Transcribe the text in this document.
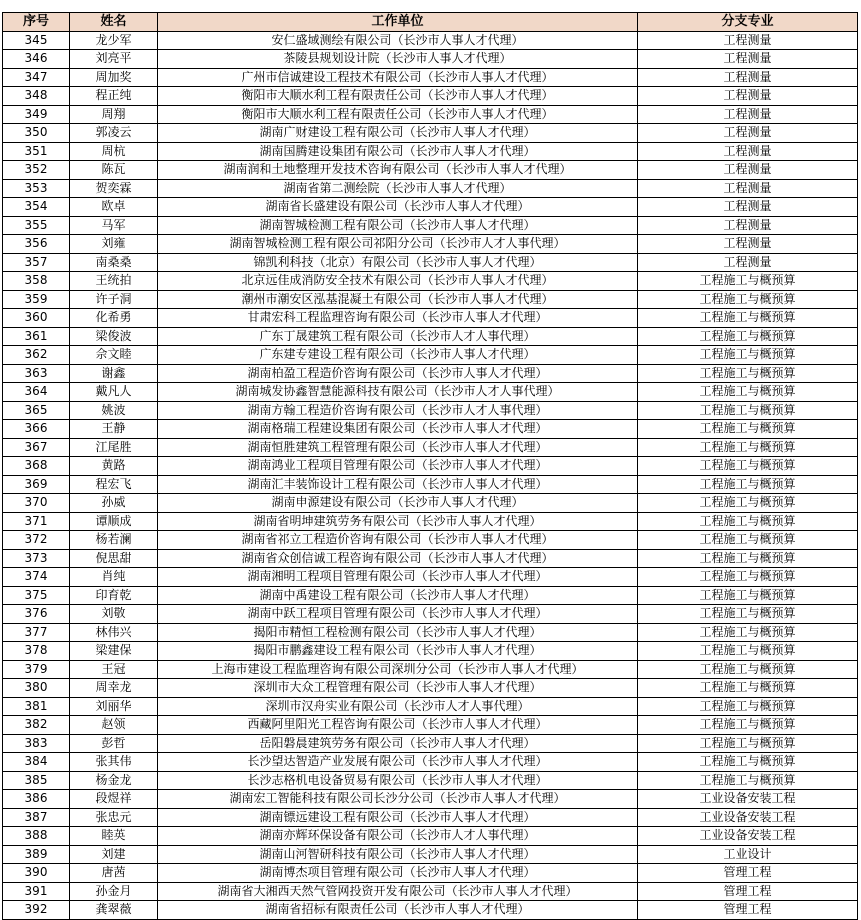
序号	姓名	工作单位	分支专业
345	龙少军	安仁盛域测绘有限公司（长沙市人事人才代理）	工程测量
346	刘亮平	茶陵县规划设计院（长沙市人事人才代理）	工程测量
347	周加奖	广州市信诚建设工程技术有限公司（长沙市人事人才代理）	工程测量
348	程正纯	衡阳市大顺水利工程有限责任公司（长沙市人事人才代理）	工程测量
349	周翔	衡阳市大顺水利工程有限责任公司（长沙市人事人才代理）	工程测量
350	郭凌云	湖南广财建设工程有限公司（长沙市人事人才代理）	工程测量
351	周杭	湖南国腾建设集团有限公司（长沙市人事人才代理）	工程测量
352	陈瓦	湖南润和土地整理开发技术咨询有限公司（长沙市人事人才代理）	工程测量
353	贺奕霖	湖南省第二测绘院（长沙市人事人才代理）	工程测量
354	欧卓	湖南省长盛建设有限公司（长沙市人事人才代理）	工程测量
355	马军	湖南智城检测工程有限公司（长沙市人事人才代理）	工程测量
356	刘雍	湖南智城检测工程有限公司祁阳分公司（长沙市人才人事代理）	工程测量
357	南桑桑	锦凯利科技（北京）有限公司（长沙市人事人才代理）	工程测量
358	王统拍	北京远佳成消防安全技术有限公司（长沙市人事人才代理）	工程施工与概预算
359	许子洞	潮州市潮安区泓基混凝土有限公司（长沙市人事人才代理）	工程施工与概预算
360	化希勇	甘肃宏科工程监理咨询有限公司（长沙市人事人才代理）	工程施工与概预算
361	梁俊波	广东丁晟建筑工程有限公司（长沙市人才人事代理）	工程施工与概预算
362	佘文睦	广东建专建设工程有限公司（长沙市人事人才代理）	工程施工与概预算
363	谢鑫	湖南柏盈工程造价咨询有限公司（长沙市人事人才代理）	工程施工与概预算
364	戴凡人	湖南城发协鑫智慧能源科技有限公司（长沙市人才人事代理）	工程施工与概预算
365	姚波	湖南方翰工程造价咨询有限公司（长沙市人才人事代理）	工程施工与概预算
366	王静	湖南格瑞工程建设集团有限公司（长沙市人事人才代理）	工程施工与概预算
367	江尾胜	湖南恒胜建筑工程管理有限公司（长沙市人事人才代理）	工程施工与概预算
368	黄路	湖南鸿业工程项目管理有限公司（长沙市人事人才代理）	工程施工与概预算
369	程宏飞	湖南汇丰装饰设计工程有限公司（长沙市人事人才代理）	工程施工与概预算
370	孙威	湖南申源建设有限公司（长沙市人事人才代理）	工程施工与概预算
371	谭顺成	湖南省明坤建筑劳务有限公司（长沙市人事人才代理）	工程施工与概预算
372	杨若澜	湖南省祁立工程造价咨询有限公司（长沙市人事人才代理）	工程施工与概预算
373	倪思甜	湖南省众创信诚工程咨询有限公司（长沙市人事人才代理）	工程施工与概预算
374	肖纯	湖南湘明工程项目管理有限公司（长沙市人事人才代理）	工程施工与概预算
375	印育乾	湖南中禹建设工程有限公司（长沙市人事人才代理）	工程施工与概预算
376	刘敬	湖南中跃工程项目管理有限公司（长沙市人事人才代理）	工程施工与概预算
377	林伟兴	揭阳市精恒工程检测有限公司（长沙市人事人才代理）	工程施工与概预算
378	梁建保	揭阳市鹏鑫建设工程有限公司（长沙市人事人才代理）	工程施工与概预算
379	王冠	上海市建设工程监理咨询有限公司深圳分公司（长沙市人事人才代理）	工程施工与概预算
380	周幸龙	深圳市大众工程管理有限公司（长沙市人事人才代理）	工程施工与概预算
381	刘丽华	深圳市汉舟实业有限公司（长沙市人才人事代理）	工程施工与概预算
382	赵领	西藏阿里阳光工程咨询有限公司（长沙市人事人才代理）	工程施工与概预算
383	彭哲	岳阳磐晨建筑劳务有限公司（长沙市人事人才代理）	工程施工与概预算
384	张其伟	长沙望达智造产业发展有限公司（长沙市人事人才代理）	工程施工与概预算
385	杨金龙	长沙志格机电设备贸易有限公司（长沙市人事人才代理）	工程施工与概预算
386	段煜祥	湖南宏工智能科技有限公司长沙分公司（长沙市人事人才代理）	工业设备安装工程
387	张忠元	湖南镖远建设工程有限公司（长沙市人事人才代理）	工业设备安装工程
388	睦英	湖南亦辉环保设备有限公司（长沙市人才人事代理）	工业设备安装工程
389	刘建	湖南山河智研科技有限公司（长沙市人事人才代理）	工业设计
390	唐茜	湖南博杰项目管理有限公司（长沙市人事人才代理）	管理工程
391	孙金月	湖南省大湘西天然气管网投资开发有限公司（长沙市人事人才代理）	管理工程
392	龚翠薇	湖南省招标有限责任公司（长沙市人事人才代理）	管理工程
